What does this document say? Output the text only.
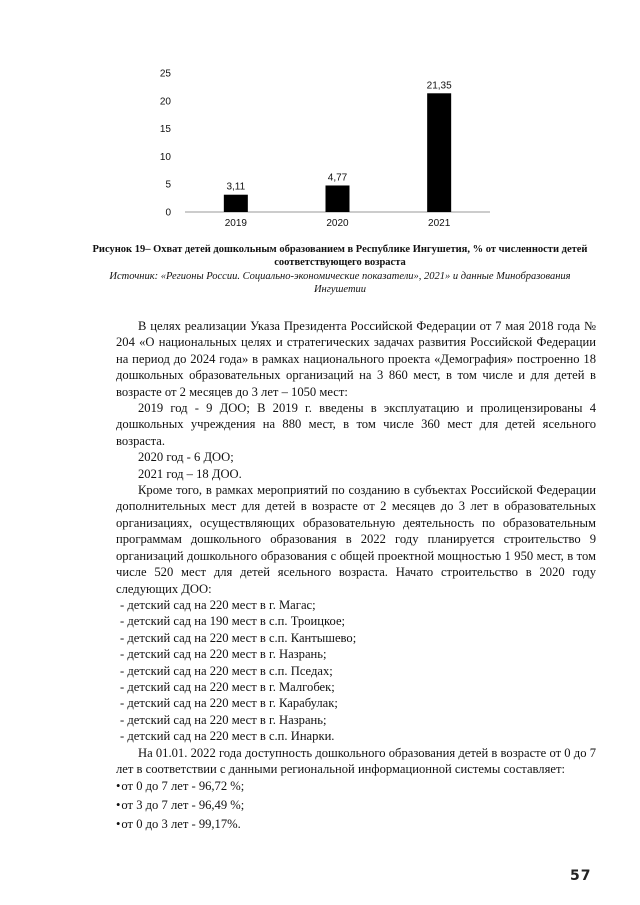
0
5
10
15
20
25
3,11
2019
4,77
2020
21,35
2021

Рисунок 19– Охват детей дошкольным образованием в Республике Ингушетия, % от численности детей соответствующего возраста

Источник: «Регионы России. Социально-экономические показатели», 2021» и данные Минобразования Ингушетии

В целях реализации Указа Президента Российской Федерации от 7 мая 2018 года № 204 «О национальных целях и стратегических задачах развития Российской Федерации на период до 2024 года» в рамках национального проекта «Демография» построенно 18 дошкольных образовательных организаций на 3 860 мест, в том числе и для детей в возрасте от 2 месяцев до 3 лет – 1050 мест:

2019 год - 9 ДОО; В 2019 г. введены в эксплуатацию и пролицензированы 4 дошкольных учреждения на 880 мест, в том числе 360 мест для детей ясельного возраста.

2020 год - 6 ДОО;

2021 год – 18 ДОО.

Кроме того, в рамках мероприятий по созданию в субъектах Российской Федерации дополнительных мест для детей в возрасте от 2 месяцев до 3 лет в образовательных организациях, осуществляющих образовательную деятельность по образовательным программам дошкольного образования в 2022 году планируется строительство 9 организаций дошкольного образования с общей проектной мощностью 1 950 мест, в том числе 520 мест для детей ясельного возраста. Начато строительство в 2020 году следующих ДОО:

- детский сад на 220 мест в г. Магас;
- детский сад на 190 мест в с.п. Троицкое;
- детский сад на 220 мест в с.п. Кантышево;
- детский сад на 220 мест в г. Назрань;
- детский сад на 220 мест в с.п. Пседах;
- детский сад на 220 мест в г. Малгобек;
- детский сад на 220 мест в г. Карабулак;
- детский сад на 220 мест в г. Назрань;
- детский сад на 220 мест в с.п. Инарки.

На 01.01. 2022 года доступность дошкольного образования детей в возрасте от 0 до 7 лет в соответствии с данными региональной информационной системы составляет:

• от 0 до 7 лет - 96,72 %;
• от 3 до 7 лет - 96,49 %;
• от 0 до 3 лет - 99,17%.
57
